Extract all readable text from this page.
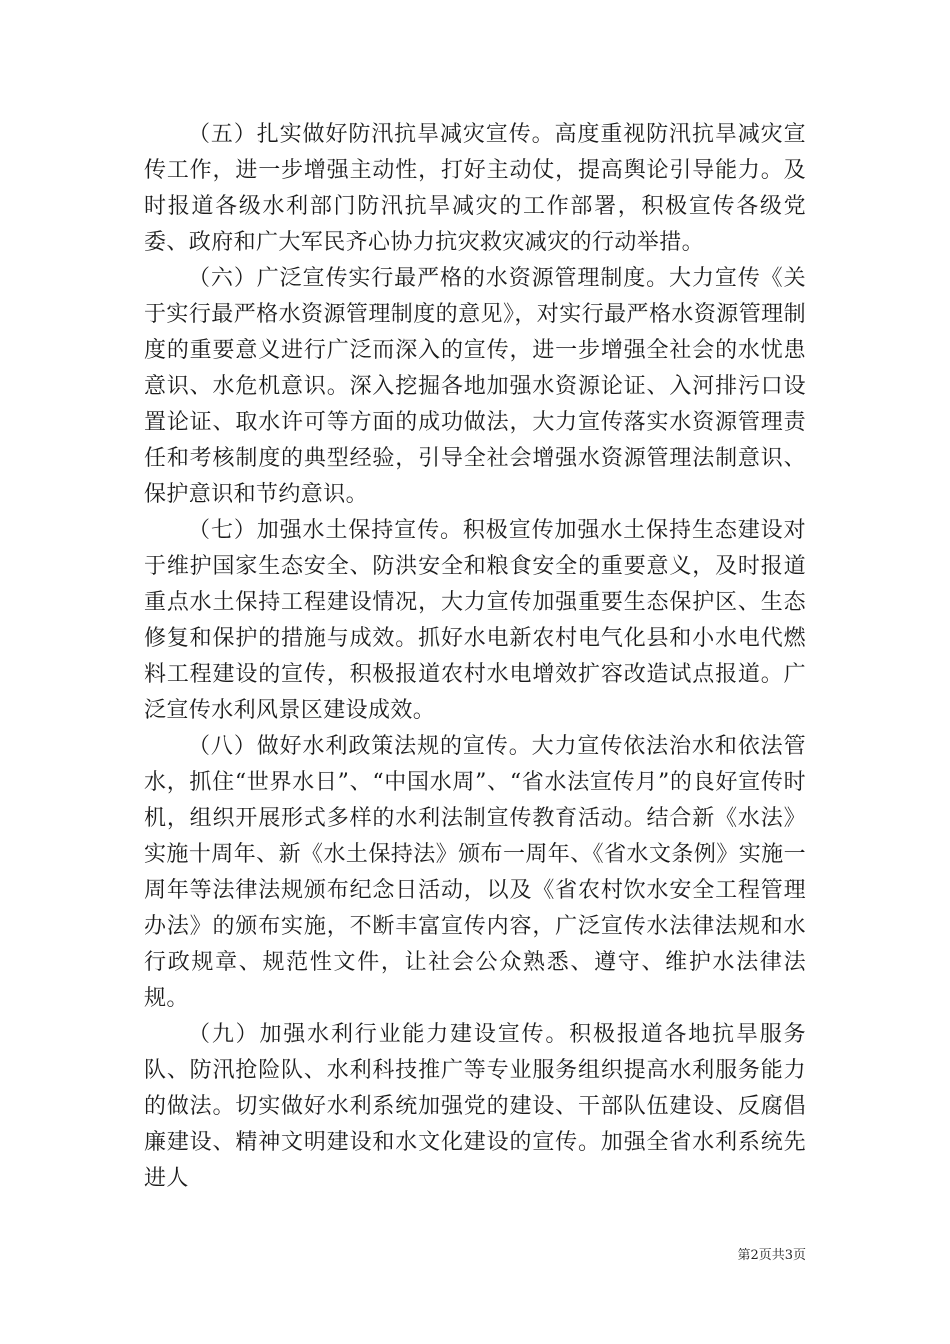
（五）扎实做好防汛抗旱减灾宣传。高度重视防汛抗旱减灾宣传工作，进一步增强主动性，打好主动仗，提高舆论引导能力。及时报道各级水利部门防汛抗旱减灾的工作部署，积极宣传各级党委、政府和广大军民齐心协力抗灾救灾减灾的行动举措。

（六）广泛宣传实行最严格的水资源管理制度。大力宣传《关于实行最严格水资源管理制度的意见》，对实行最严格水资源管理制度的重要意义进行广泛而深入的宣传，进一步增强全社会的水忧患意识、水危机意识。深入挖掘各地加强水资源论证、入河排污口设置论证、取水许可等方面的成功做法，大力宣传落实水资源管理责任和考核制度的典型经验，引导全社会增强水资源管理法制意识、保护意识和节约意识。

（七）加强水土保持宣传。积极宣传加强水土保持生态建设对于维护国家生态安全、防洪安全和粮食安全的重要意义，及时报道重点水土保持工程建设情况，大力宣传加强重要生态保护区、生态修复和保护的措施与成效。抓好水电新农村电气化县和小水电代燃料工程建设的宣传，积极报道农村水电增效扩容改造试点报道。广泛宣传水利风景区建设成效。

（八）做好水利政策法规的宣传。大力宣传依法治水和依法管水，抓住“世界水日”、“中国水周”、“省水法宣传月”的良好宣传时机，组织开展形式多样的水利法制宣传教育活动。结合新《水法》实施十周年、新《水土保持法》颁布一周年、《省水文条例》实施一周年等法律法规颁布纪念日活动，以及《省农村饮水安全工程管理办法》的颁布实施，不断丰富宣传内容，广泛宣传水法律法规和水行政规章、规范性文件，让社会公众熟悉、遵守、维护水法律法规。

（九）加强水利行业能力建设宣传。积极报道各地抗旱服务队、防汛抢险队、水利科技推广等专业服务组织提高水利服务能力的做法。切实做好水利系统加强党的建设、干部队伍建设、反腐倡廉建设、精神文明建设和水文化建设的宣传。加强全省水利系统先进人

第2页共3页
